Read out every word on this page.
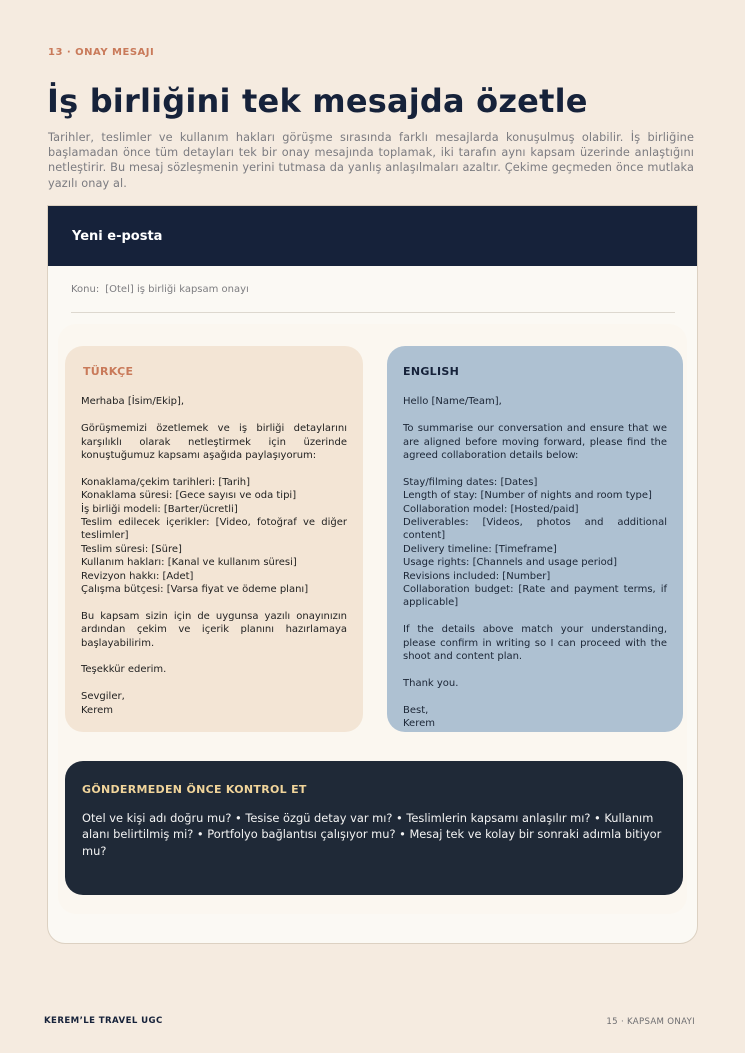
13 · ONAY MESAJI
İş birliğini tek mesajda özetle

Tarihler, teslimler ve kullanım hakları görüşme sırasında farklı mesajlarda konuşulmuş olabilir. İş birliğine başlamadan önce tüm detayları tek bir onay mesajında toplamak, iki tarafın aynı kapsam üzerinde anlaştığını netleştirir. Bu mesaj sözleşmenin yerini tutmasa da yanlış anlaşılmaları azaltır. Çekime geçmeden önce mutlaka yazılı onay al.

Yeni e-posta
Konu: [Otel] iş birliği kapsam onayı
TÜRKÇE

Merhaba [İsim/Ekip],

Görüşmemizi özetlemek ve iş birliği detaylarını karşılıklı olarak netleştirmek için üzerinde konuştuğumuz kapsamı aşağıda paylaşıyorum:

Konaklama/çekim tarihleri: [Tarih]
Konaklama süresi: [Gece sayısı ve oda tipi]
İş birliği modeli: [Barter/ücretli]
Teslim edilecek içerikler: [Video, fotoğraf ve diğer teslimler]
Teslim süresi: [Süre]
Kullanım hakları: [Kanal ve kullanım süresi]
Revizyon hakkı: [Adet]
Çalışma bütçesi: [Varsa fiyat ve ödeme planı]

Bu kapsam sizin için de uygunsa yazılı onayınızın ardından çekim ve içerik planını hazırlamaya başlayabilirim.

Teşekkür ederim.

Sevgiler,
Kerem

ENGLISH

Hello [Name/Team],

To summarise our conversation and ensure that we are aligned before moving forward, please find the agreed collaboration details below:

Stay/filming dates: [Dates]
Length of stay: [Number of nights and room type]
Collaboration model: [Hosted/paid]
Deliverables: [Videos, photos and additional content]
Delivery timeline: [Timeframe]
Usage rights: [Channels and usage period]
Revisions included: [Number]
Collaboration budget: [Rate and payment terms, if applicable]

If the details above match your understanding, please confirm in writing so I can proceed with the shoot and content plan.

Thank you.

Best,
Kerem

GÖNDERMEDEN ÖNCE KONTROL ET
Otel ve kişi adı doğru mu? • Tesise özgü detay var mı? • Teslimlerin kapsamı anlaşılır mı? • Kullanım alanı belirtilmiş mi? • Portfolyo bağlantısı çalışıyor mu? • Mesaj tek ve kolay bir sonraki adımla bitiyor mu?
KEREM’LE TRAVEL UGC	15 · KAPSAM ONAYI
